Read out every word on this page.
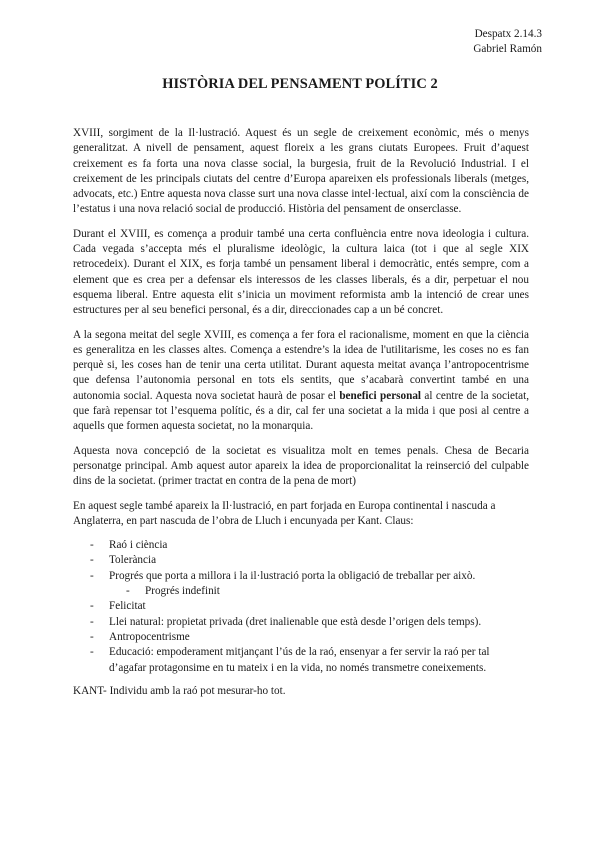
Despatx 2.14.3
Gabriel Ramón
HISTÒRIA DEL PENSAMENT POLÍTIC 2

XVIII, sorgiment de la Il·lustració. Aquest és un segle de creixement econòmic, més o menys generalitzat. A nivell de pensament, aquest floreix a les grans ciutats Europees. Fruit d’aquest creixement es fa forta una nova classe social, la burgesia, fruit de la Revolució Industrial. I el creixement de les principals ciutats del centre d’Europa apareixen els professionals liberals (metges, advocats, etc.) Entre aquesta nova classe surt una nova classe intel·lectual, així com la consciència de l’estatus i una nova relació social de producció. Història del pensament de onserclasse.

Durant el XVIII, es comença a produir també una certa confluència entre nova ideologia i cultura. Cada vegada s’accepta més el pluralisme ideològic, la cultura laica (tot i que al segle XIX retrocedeix). Durant el XIX, es forja també un pensament liberal i democràtic, entés sempre, com a element que es crea per a defensar els interessos de les classes liberals, és a dir, perpetuar el nou esquema liberal. Entre aquesta elit s’inicia un moviment reformista amb la intenció de crear unes estructures per al seu benefici personal, és a dir, direccionades cap a un bé concret.

A la segona meitat del segle XVIII, es comença a fer fora el racionalisme, moment en que la ciència es generalitza en les classes altes. Comença a estendre’s la idea de l'utilitarisme, les coses no es fan perquè si, les coses han de tenir una certa utilitat. Durant aquesta meitat avança l’antropocentrisme que defensa l’autonomia personal en tots els sentits, que s’acabarà convertint també en una autonomia social. Aquesta nova societat haurà de posar el benefici personal al centre de la societat, que farà repensar tot l’esquema polític, és a dir, cal fer una societat a la mida i que posi al centre a aquells que formen aquesta societat, no la monarquia.

Aquesta nova concepció de la societat es visualitza molt en temes penals. Chesa de Becaria personatge principal. Amb aquest autor apareix la idea de proporcionalitat la reinserció del culpable dins de la societat. (primer tractat en contra de la pena de mort)

En aquest segle també apareix la Il·lustració, en part forjada en Europa continental i nascuda a Anglaterra, en part nascuda de l’obra de Lluch i encunyada per Kant. Claus:

- Raó i ciència
- Tolerància
- Progrés que porta a millora i la il·lustració porta la obligació de treballar per això.
- Progrés indefinit
- Felicitat
- Llei natural: propietat privada (dret inalienable que està desde l’origen dels temps).
- Antropocentrisme
- Educació: empoderament mitjançant l’ús de la raó, ensenyar a fer servir la raó per tal d’agafar protagonsime en tu mateix i en la vida, no només transmetre coneixements.

KANT- Individu amb la raó pot mesurar-ho tot.
